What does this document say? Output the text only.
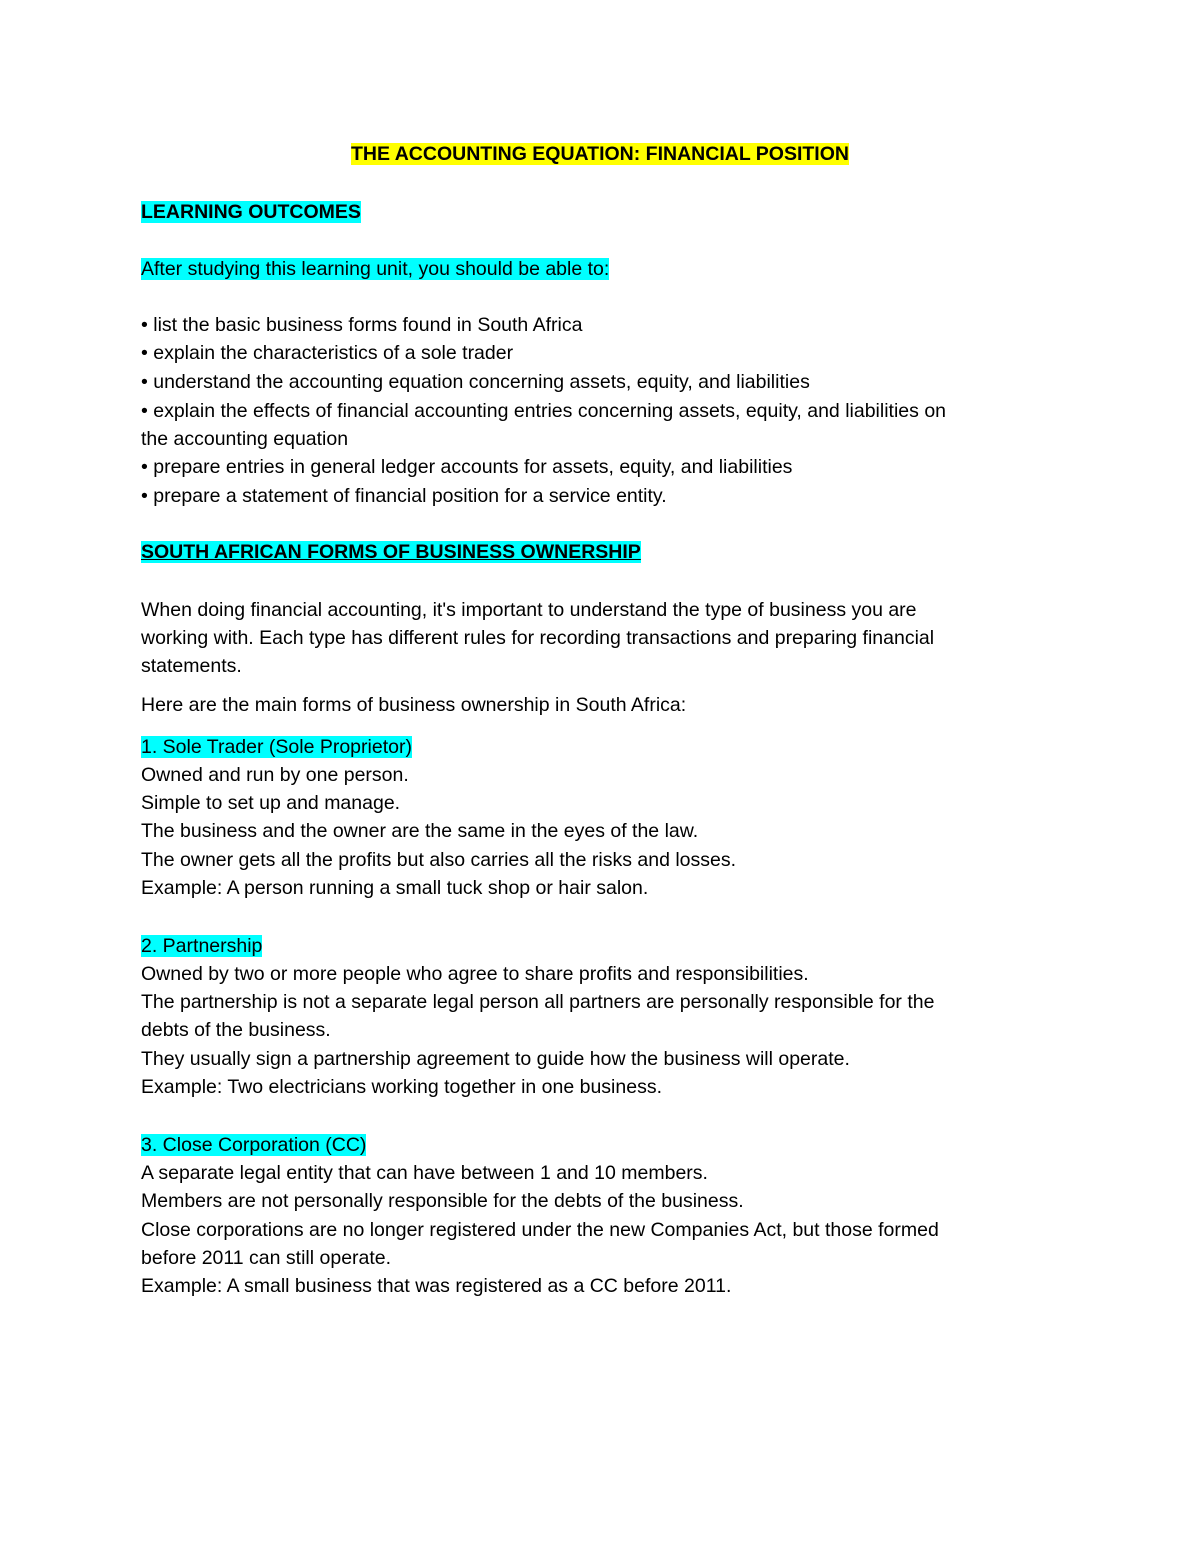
THE ACCOUNTING EQUATION: FINANCIAL POSITION
LEARNING OUTCOMES
After studying this learning unit, you should be able to:
• list the basic business forms found in South Africa
• explain the characteristics of a sole trader
• understand the accounting equation concerning assets, equity, and liabilities
• explain the effects of financial accounting entries concerning assets, equity, and liabilities on
the accounting equation
• prepare entries in general ledger accounts for assets, equity, and liabilities
• prepare a statement of financial position for a service entity.
SOUTH AFRICAN FORMS OF BUSINESS OWNERSHIP
When doing financial accounting, it's important to understand the type of business you are
working with. Each type has different rules for recording transactions and preparing financial
statements.
Here are the main forms of business ownership in South Africa:
1. Sole Trader (Sole Proprietor)
Owned and run by one person.
Simple to set up and manage.
The business and the owner are the same in the eyes of the law.
The owner gets all the profits but also carries all the risks and losses.
Example: A person running a small tuck shop or hair salon.
2. Partnership
Owned by two or more people who agree to share profits and responsibilities.
The partnership is not a separate legal person all partners are personally responsible for the
debts of the business.
They usually sign a partnership agreement to guide how the business will operate.
Example: Two electricians working together in one business.
3. Close Corporation (CC)
A separate legal entity that can have between 1 and 10 members.
Members are not personally responsible for the debts of the business.
Close corporations are no longer registered under the new Companies Act, but those formed
before 2011 can still operate.
Example: A small business that was registered as a CC before 2011.
